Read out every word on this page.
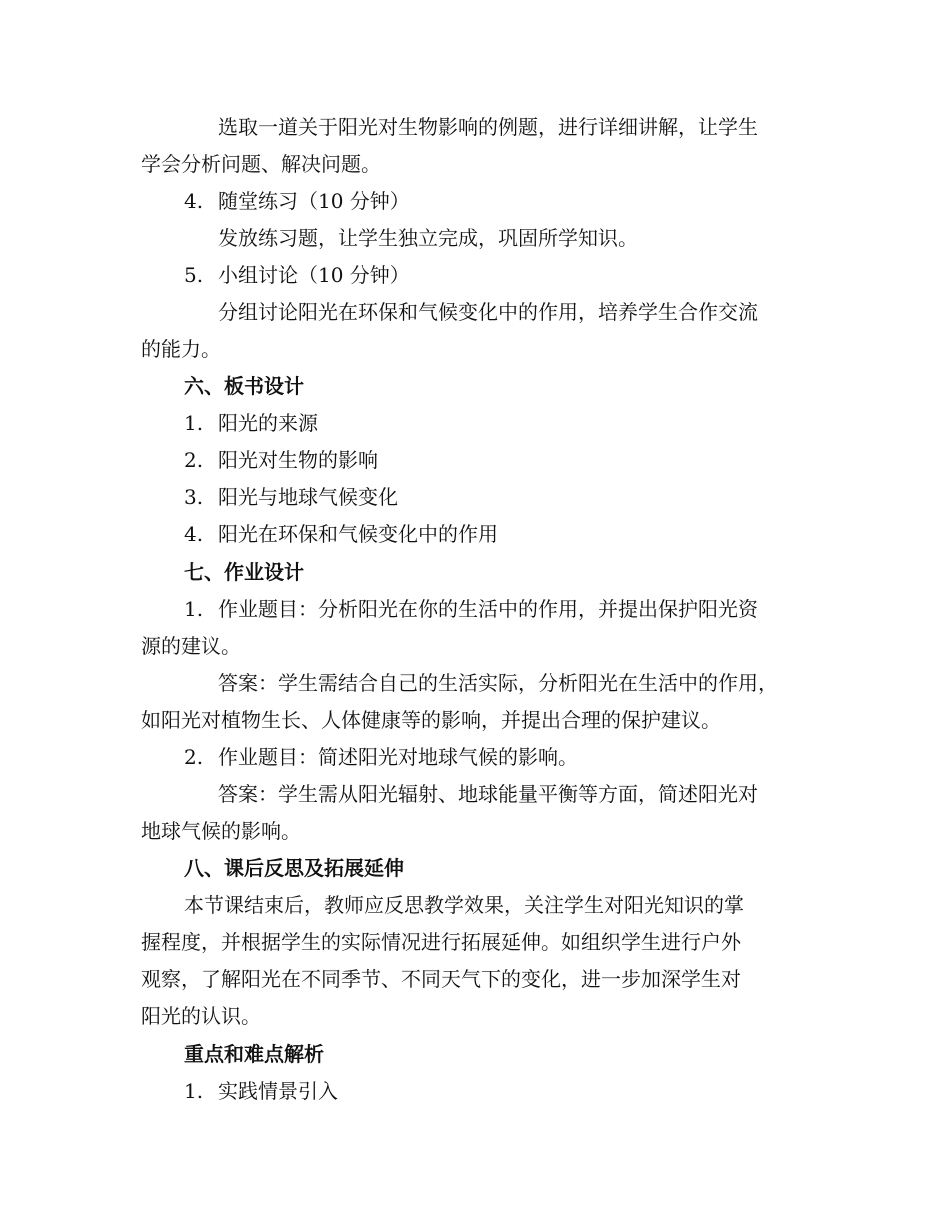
选取一道关于阳光对生物影响的例题，进行详细讲解，让学生
学会分析问题、解决问题。
4. 随堂练习（10 分钟）
发放练习题，让学生独立完成，巩固所学知识。
5. 小组讨论（10 分钟）
分组讨论阳光在环保和气候变化中的作用，培养学生合作交流
的能力。
六、板书设计
1. 阳光的来源
2. 阳光对生物的影响
3. 阳光与地球气候变化
4. 阳光在环保和气候变化中的作用
七、作业设计
1. 作业题目：分析阳光在你的生活中的作用，并提出保护阳光资
源的建议。
答案：学生需结合自己的生活实际，分析阳光在生活中的作用，
如阳光对植物生长、人体健康等的影响，并提出合理的保护建议。
2. 作业题目：简述阳光对地球气候的影响。
答案：学生需从阳光辐射、地球能量平衡等方面，简述阳光对
地球气候的影响。
八、课后反思及拓展延伸
本节课结束后，教师应反思教学效果，关注学生对阳光知识的掌
握程度，并根据学生的实际情况进行拓展延伸。如组织学生进行户外
观察，了解阳光在不同季节、不同天气下的变化，进一步加深学生对
阳光的认识。
重点和难点解析
1. 实践情景引入
